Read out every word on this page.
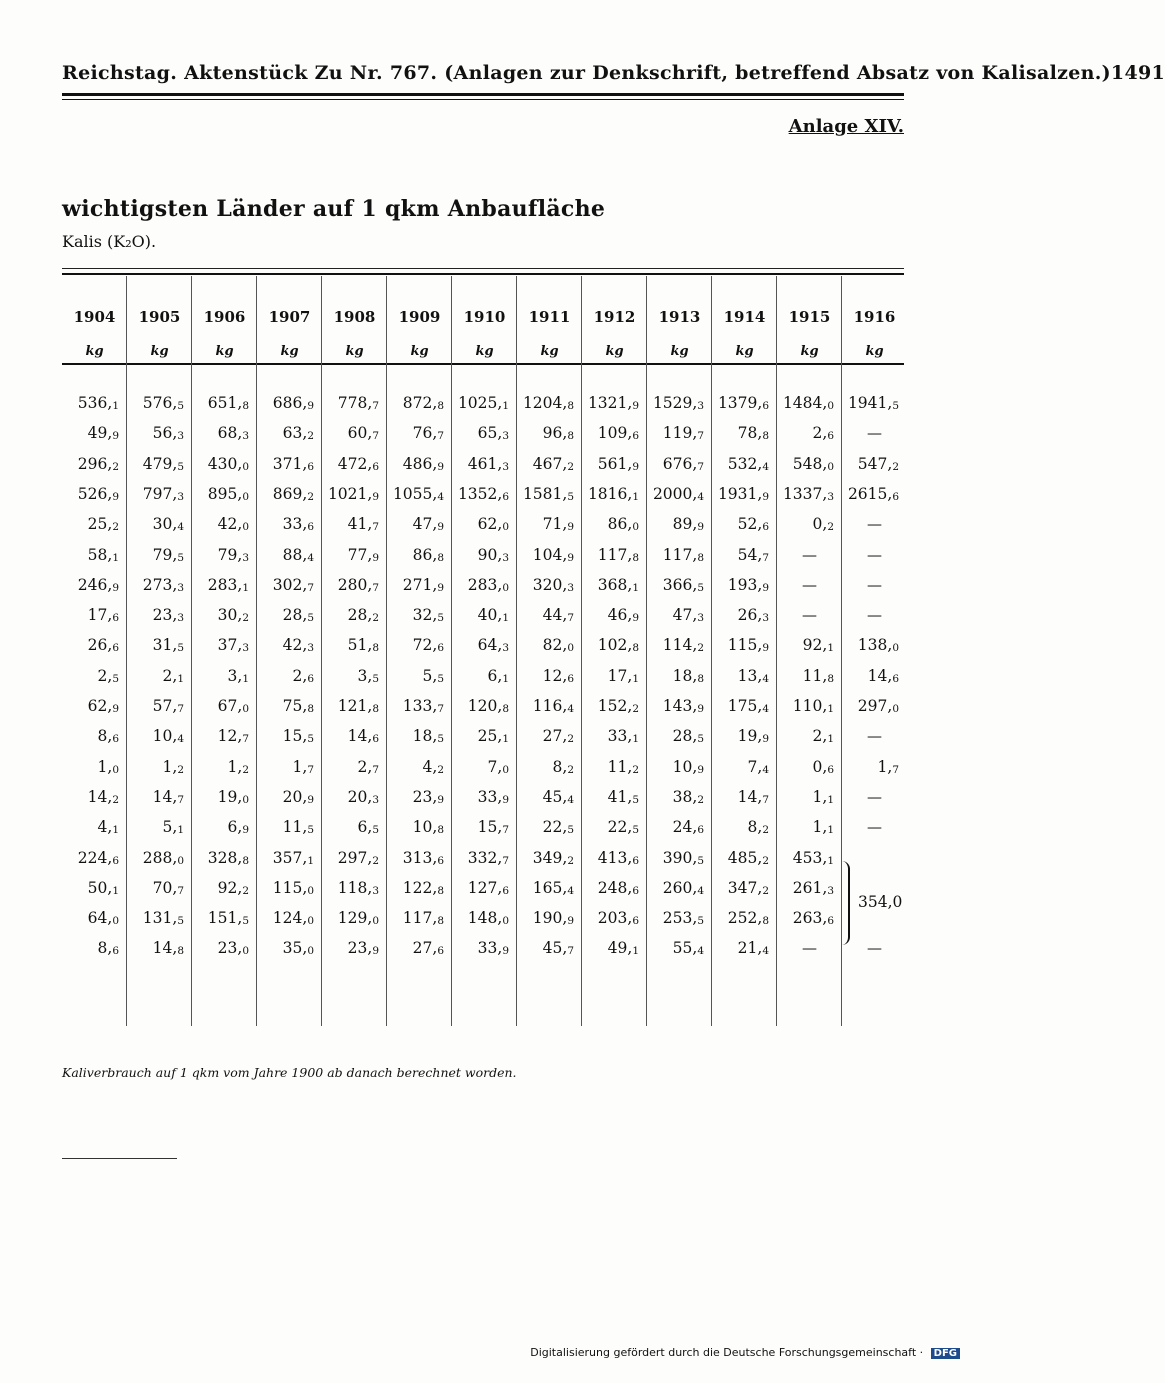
Reichstag. Aktenstück Zu Nr. 767. (Anlagen zur Denkschrift, betreffend Absatz von Kalisalzen.) 1491
Anlage XIV.
wichtigsten Länder auf 1 qkm Anbaufläche
Kalis (K₂O).
1904	1905	1906	1907	1908	1909	1910	1911	1912	1913	1914	1915	1916
kg	kg	kg	kg	kg	kg	kg	kg	kg	kg	kg	kg	kg
$536,_1$	$576,_5$	$651,_8$	$686,_9$	$778,_7$	$872,_8$ $1025,_1$ $1204,_8$ $1321,_9$ $1529,_3$ $1379,_6$ $1484,_0$ $1941,_5$
$49,_9$	$56,_3$	$68,_3$	$63,_2$	$60,_7$	$76,_7$	$65,_3$	$96,_8$	$109,_6$	$119,_7$	$78,_8$	$2,_6$	—
$296,_2$	$479,_5$	$430,_0$	$371,_6$	$472,_6$	$486,_9$	$461,_3$	$467,_2$	$561,_9$	$676,_7$	$532,_4$	$548,_0$	$547,_2$
$526,_9$	$797,_3$	$895,_0$	$869,_2$ $1021,_9$ $1055,_4$ $1352,_6$ $1581,_5$ $1816,_1$ $2000,_4$ $1931,_9$ $1337,_3$ $2615,_6$
$25,_2$	$30,_4$	$42,_0$	$33,_6$	$41,_7$	$47,_9$	$62,_0$	$71,_9$	$86,_0$	$89,_9$	$52,_6$	$0,_2$	—
$58,_1$	$79,_5$	$79,_3$	$88,_4$	$77,_9$	$86,_8$	$90,_3$	$104,_9$	$117,_8$	$117,_8$	$54,_7$	—	—
$246,_9$	$273,_3$	$283,_1$	$302,_7$	$280,_7$	$271,_9$	$283,_0$	$320,_3$	$368,_1$	$366,_5$	$193,_9$	—	—
$17,_6$	$23,_3$	$30,_2$	$28,_5$	$28,_2$	$32,_5$	$40,_1$	$44,_7$	$46,_9$	$47,_3$	$26,_3$	—	—
$26,_6$	$31,_5$	$37,_3$	$42,_3$	$51,_8$	$72,_6$	$64,_3$	$82,_0$	$102,_8$	$114,_2$	$115,_9$	$92,_1$	$138,_0$
$2,_5$	$2,_1$	$3,_1$	$2,_6$	$3,_5$	$5,_5$	$6,_1$	$12,_6$	$17,_1$	$18,_8$	$13,_4$	$11,_8$	$14,_6$
$62,_9$	$57,_7$	$67,_0$	$75,_8$	$121,_8$	$133,_7$	$120,_8$	$116,_4$	$152,_2$	$143,_9$	$175,_4$	$110,_1$	$297,_0$
$8,_6$	$10,_4$	$12,_7$	$15,_5$	$14,_6$	$18,_5$	$25,_1$	$27,_2$	$33,_1$	$28,_5$	$19,_9$	$2,_1$	—
$1,_0$	$1,_2$	$1,_2$	$1,_7$	$2,_7$	$4,_2$	$7,_0$	$8,_2$	$11,_2$	$10,_9$	$7,_4$	$0,_6$	$1,_7$
$14,_2$	$14,_7$	$19,_0$	$20,_9$	$20,_3$	$23,_9$	$33,_9$	$45,_4$	$41,_5$	$38,_2$	$14,_7$	$1,_1$	—
$4,_1$	$5,_1$	$6,_9$	$11,_5$	$6,_5$	$10,_8$	$15,_7$	$22,_5$	$22,_5$	$24,_6$	$8,_2$	$1,_1$	—
$224,_6$	$288,_0$	$328,_8$	$357,_1$	$297,_2$	$313,_6$	$332,_7$	$349,_2$	$413,_6$	$390,_5$	$485,_2$	$453,_1$
$50,_1$	$70,_7$	$92,_2$	$115,_0$	$118,_3$	$122,_8$	$127,_6$	$165,_4$	$248,_6$	$260,_4$	$347,_2$	$261,_3$
$64,_0$	$131,_5$	$151,_5$	$124,_0$	$129,_0$	$117,_8$	$148,_0$	$190,_9$	$203,_6$	$253,_5$	$252,_8$	$263,_6$
$8,_6$	$14,_8$	$23,_0$	$35,_0$	$23,_9$	$27,_6$	$33,_9$	$45,_7$	$49,_1$	$55,_4$	$21,_4$	—	—
354,0
Kaliverbrauch auf 1 qkm vom Jahre 1900 ab danach berechnet worden.
Digitalisierung gefördert durch die Deutsche Forschungsgemeinschaft · DFG
